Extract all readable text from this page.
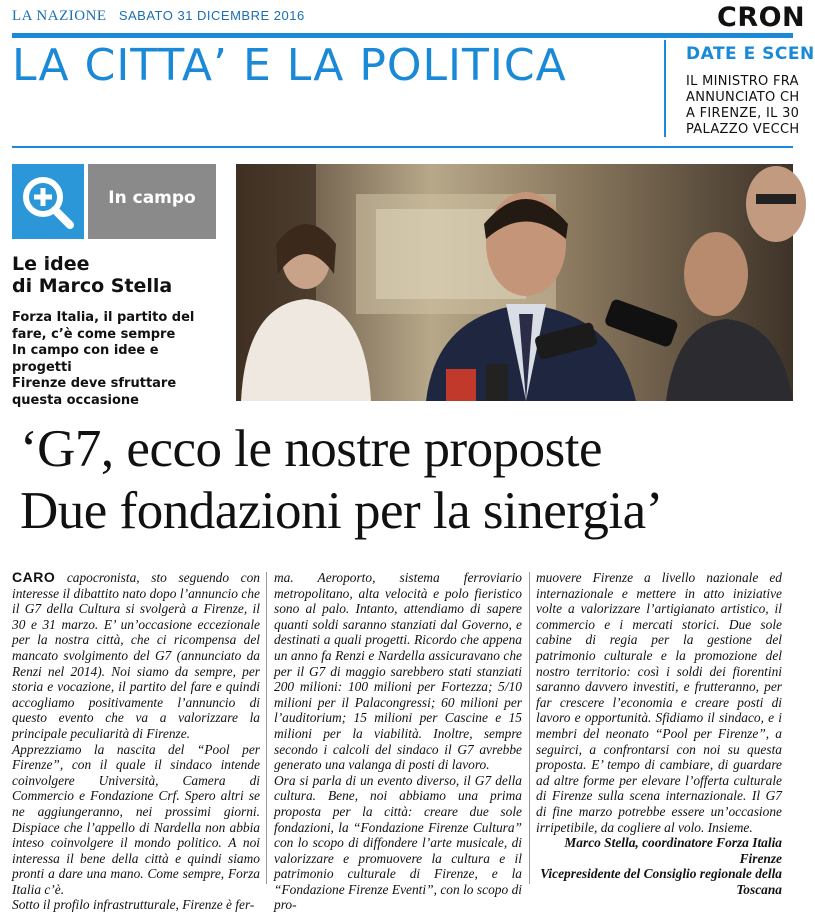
LA NAZIONE SABATO 31 DICEMBRE 2016	CRON
LA CITTA’ E LA POLITICA	DATE E SCEN
IL MINISTRO FRA
ANNUNCIATO CH
A FIRENZE, IL 30
PALAZZO VECCH
In campo
Le idee
di Marco Stella
Forza Italia, il partito del
fare, c’è come sempre
In campo con idee e progetti
Firenze deve sfruttare
questa occasione
‘G7, ecco le nostre proposte
Due fondazioni per la sinergia’

CARO capocronista, sto seguendo con interesse il dibattito nato dopo l’annuncio che il G7 della Cultura si svolgerà a Firenze, il 30 e 31 marzo. E’ un’occasione eccezionale per la nostra città, che ci ricompensa del mancato svolgimento del G7 (annunciato da Renzi nel 2014). Noi siamo da sempre, per storia e vocazione, il partito del fare e quindi accogliamo positivamente l’annuncio di questo evento che va a valorizzare la principale peculiarità di Firenze.

Apprezziamo la nascita del “Pool per Firenze”, con il quale il sindaco intende coinvolgere Università, Camera di Commercio e Fondazione Crf. Spero altri se ne aggiungeranno, nei prossimi giorni. Dispiace che l’appello di Nardella non abbia inteso coinvolgere il mondo politico. A noi interessa il bene della città e quindi siamo pronti a dare una mano. Come sempre, Forza Italia c’è.

Sotto il profilo infrastrutturale, Firenze è fer-

ma. Aeroporto, sistema ferroviario metropolitano, alta velocità e polo fieristico sono al palo. Intanto, attendiamo di sapere quanti soldi saranno stanziati dal Governo, e destinati a quali progetti. Ricordo che appena un anno fa Renzi e Nardella assicuravano che per il G7 di maggio sarebbero stati stanziati 200 milioni: 100 milioni per Fortezza; 5/10 milioni per il Palacongressi; 60 milioni per l’auditorium; 15 milioni per Cascine e 15 milioni per la viabilità. Inoltre, sempre secondo i calcoli del sindaco il G7 avrebbe generato una valanga di posti di lavoro.

Ora si parla di un evento diverso, il G7 della cultura. Bene, noi abbiamo una prima proposta per la città: creare due sole fondazioni, la “Fondazione Firenze Cultura” con lo scopo di diffondere l’arte musicale, di valorizzare e promuovere la cultura e il patrimonio culturale di Firenze, e la “Fondazione Firenze Eventi”, con lo scopo di pro-

muovere Firenze a livello nazionale ed internazionale e mettere in atto iniziative volte a valorizzare l’artigianato artistico, il commercio e i mercati storici. Due sole cabine di regia per la gestione del patrimonio culturale e la promozione del nostro territorio: così i soldi dei fiorentini saranno davvero investiti, e frutteranno, per far crescere l’economia e creare posti di lavoro e opportunità. Sfidiamo il sindaco, e i membri del neonato “Pool per Firenze”, a seguirci, a confrontarsi con noi su questa proposta. E’ tempo di cambiare, di guardare ad altre forme per elevare l’offerta culturale di Firenze sulla scena internazionale. Il G7 di fine marzo potrebbe essere un’occasione irripetibile, da cogliere al volo. Insieme.

Marco Stella, coordinatore Forza Italia Firenze

Vicepresidente del Consiglio regionale della Toscana
